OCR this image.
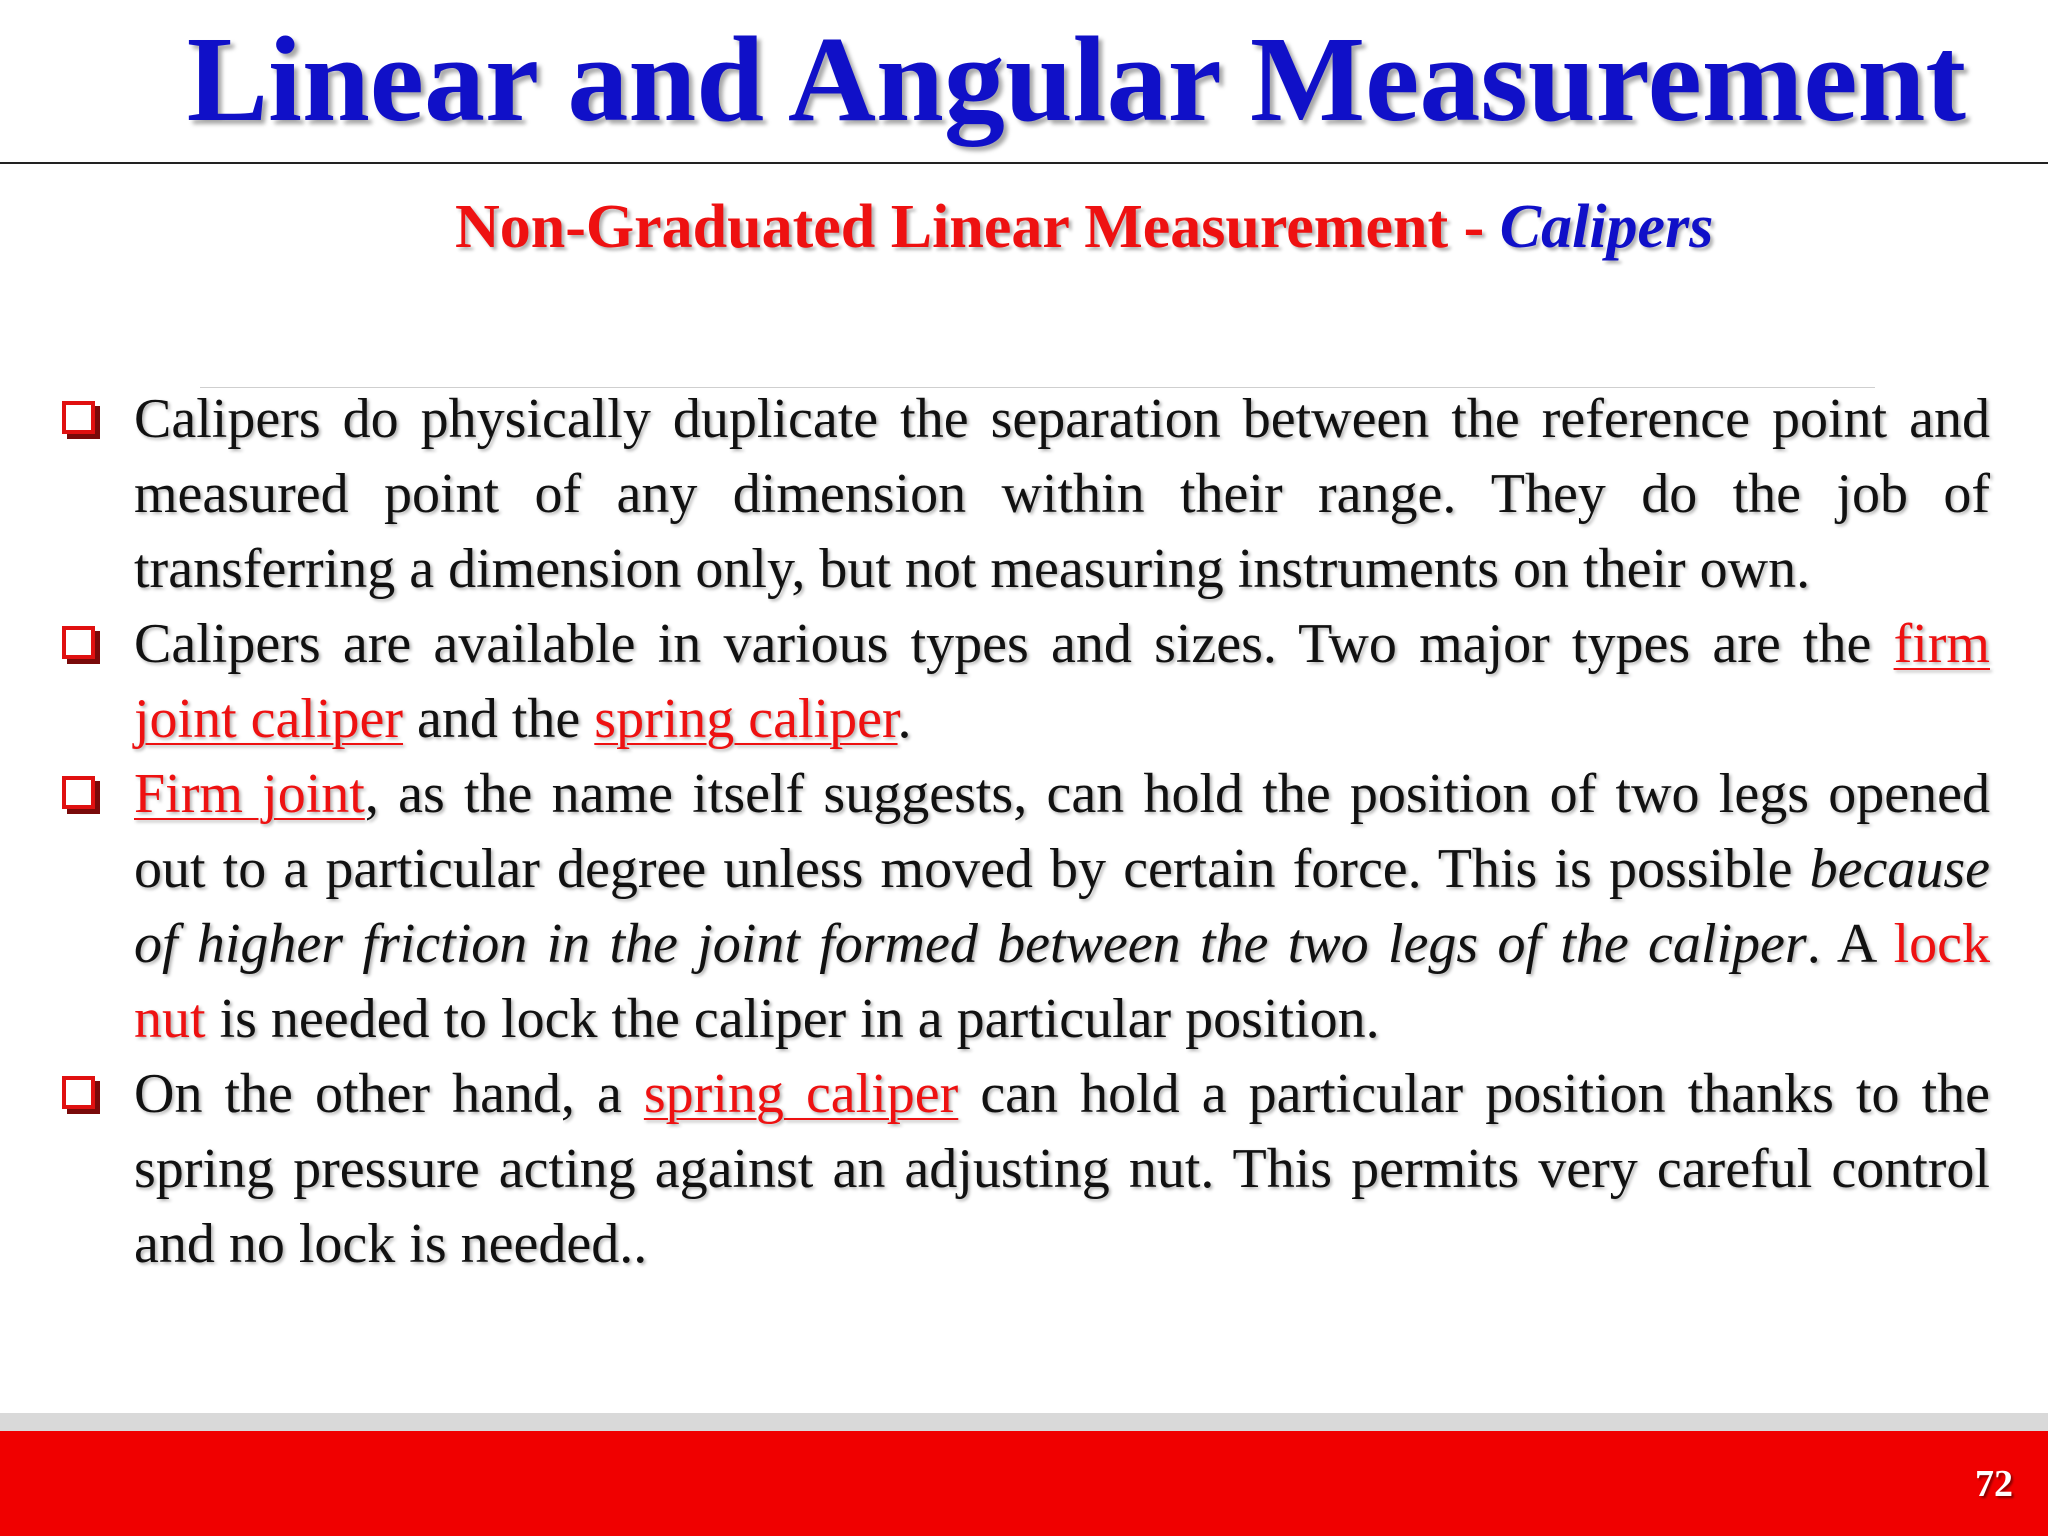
Linear and Angular Measurement
Non-Graduated Linear Measurement - Calipers
Calipers do physically duplicate the separation between the reference point and measured point of any dimension within their range. They do the job of transferring a dimension only, but not measuring instruments on their own.
Calipers are available in various types and sizes. Two major types are the firm joint caliper and the spring caliper.
Firm joint, as the name itself suggests, can hold the position of two legs opened out to a particular degree unless moved by certain force. This is possible because of higher friction in the joint formed between the two legs of the caliper. A lock nut is needed to lock the caliper in a particular position.
On the other hand, a spring caliper can hold a particular position thanks to the spring pressure acting against an adjusting nut. This permits very careful control and no lock is needed..
72
